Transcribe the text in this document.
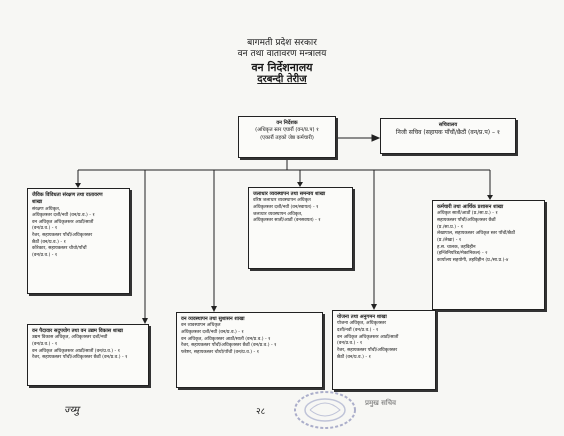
बागमती प्रदेश सरकार
वन तथा वातावरण मन्त्रालय
वन निर्देशनालय
दरबन्दी तेरीज
वन निर्देशक
(अधिकृत स्तर एघारौं (वन/प्र.प) १
(एकारौं तहको जेष्ठ कर्मचारी)
सचिवालय
निजी सचिव (सहायक पाँचौं/छैठौं (वन/प्र.प) – १
जैविक विविधता संरक्षण तथा वातावरण
शाखा
संरक्षण अधिकृत,
अधिकृतस्तर दशौं/नवौं (वन/प्र.व.) - १
वन अधिकृत अधिकृतस्तर आठौं/सातौं
(वन/प्र.व.) - १
रेंजर, सहायकस्तर पाँचौं/अधिकृतस्तर
छैठौं (वन/प्र.व.) - १
कोरेक्टर, सहायकस्तर चौथो/पाँचौं
(वन/प्र.व.) - १
जलाधार व्यवस्थापन तथा समन्वय शाखा
वरिष्ठ जलाधार व्यवस्थापन अधिकृत
अधिकृतस्तर दशौं/नवौं (वन/स्वायत) - १
जलाधार व्यवस्थापन अधिकृत,
अधिकृतस्तर सातौं/आठौं (वनसवयत) - १
कर्मचारी तथा आर्थिक प्रशासन शाखा
अधिकृत सातौं/आठौं (प्र./सा.प्र.) - १
सहायकस्तर पाँचौं/अधिकृतस्तर छैठौं
(प्र./सा.प्र.) - १
लेखापाल, सहायकस्तर अधिकृत स्तर पाँचौं/छैठौं
(प्र./लेखा) - १
ह.स. चालक, तहविहीन
(इन्जिनियरिङ/मेकानिकल) - २
कार्यालय सहयोगी, तहविहीन (प्र./सा.प्र.)-४
वन पैदावार सदुपयोग तथा वन उद्यम विकास शाखा
उद्यम विकास अधिकृत, अधिकृतस्तर दशौं/नवौं
(वन/प्र.व.) - १
वन अधिकृत अधिकृतस्तर आठौं/सातौं (वन/प्र.व.) - १
रेंजर, सहायकस्तर पाँचौं/अधिकृतस्तर छैठौं (वन/प्र.व.) - १
वन व्यवस्थापन तथा सुशासन शाखा
वन व्यवस्थापन अधिकृत
अधिकृतस्तर दशौं/नवौं (वन/प्र.व.) - १
वन अधिकृत, अधिकृतस्तर आठौं/सातौं (वन/प्र.व.) - १
रेंजर, सहायकस्तर पाँचौं/अधिकृतस्तर छैठौं (वन/प्र.व.) - १
फरेष्टर, सहायकस्तर चौथो/पाँचौं (वन/प्र.व.) - १
योजना तथा अनुगमन शाखा
योजना अधिकृत, अधिकृतस्तर
दशौं/नवौं (वन/प्र.व.) - १
वन अधिकृत अधिकृतस्तर आठौं/सातौं
(वन/प्र.व.) - १
रेंजर, सहायकस्तर पाँचौं/अधिकृतस्तर
छैठौं (वन/प्र.व.) - १
ज्य्मु	२८
प्रमुख सचिव
